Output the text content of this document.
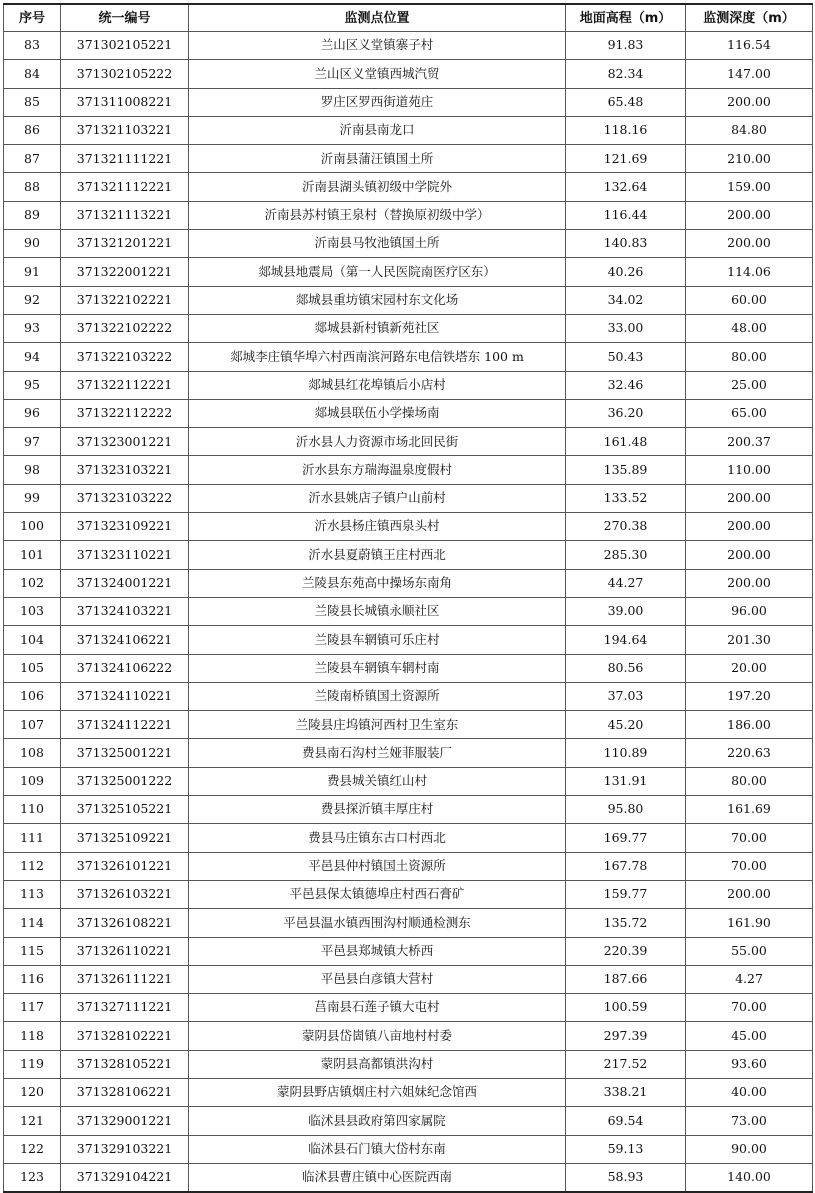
序号	统一编号	监测点位置	地面高程（m）	监测深度（m）
83	371302105221	兰山区义堂镇寨子村	91.83	116.54
84	371302105222	兰山区义堂镇西城汽贸	82.34	147.00
85	371311008221	罗庄区罗西街道苑庄	65.48	200.00
86	371321103221	沂南县南龙口	118.16	84.80
87	371321111221	沂南县蒲汪镇国土所	121.69	210.00
88	371321112221	沂南县湖头镇初级中学院外	132.64	159.00
89	371321113221	沂南县苏村镇王泉村（替换原初级中学）	116.44	200.00
90	371321201221	沂南县马牧池镇国土所	140.83	200.00
91	371322001221	郯城县地震局（第一人民医院南医疗区东）	40.26	114.06
92	371322102221	郯城县重坊镇宋园村东文化场	34.02	60.00
93	371322102222	郯城县新村镇新苑社区	33.00	48.00
94	371322103222	郯城李庄镇华埠六村西南滨河路东电信铁塔东 100 m	50.43	80.00
95	371322112221	郯城县红花埠镇后小店村	32.46	25.00
96	371322112222	郯城县联伍小学操场南	36.20	65.00
97	371323001221	沂水县人力资源市场北回民街	161.48	200.37
98	371323103221	沂水县东方瑞海温泉度假村	135.89	110.00
99	371323103222	沂水县姚店子镇户山前村	133.52	200.00
100	371323109221	沂水县杨庄镇西泉头村	270.38	200.00
101	371323110221	沂水县夏蔚镇王庄村西北	285.30	200.00
102	371324001221	兰陵县东苑高中操场东南角	44.27	200.00
103	371324103221	兰陵县长城镇永顺社区	39.00	96.00
104	371324106221	兰陵县车辋镇可乐庄村	194.64	201.30
105	371324106222	兰陵县车辋镇车辋村南	80.56	20.00
106	371324110221	兰陵南桥镇国土资源所	37.03	197.20
107	371324112221	兰陵县庄坞镇河西村卫生室东	45.20	186.00
108	371325001221	费县南石沟村兰娅菲服装厂	110.89	220.63
109	371325001222	费县城关镇红山村	131.91	80.00
110	371325105221	费县探沂镇丰厚庄村	95.80	161.69
111	371325109221	费县马庄镇东古口村西北	169.77	70.00
112	371326101221	平邑县仲村镇国土资源所	167.78	70.00
113	371326103221	平邑县保太镇德埠庄村西石膏矿	159.77	200.00
114	371326108221	平邑县温水镇西围沟村顺通检测东	135.72	161.90
115	371326110221	平邑县郑城镇大桥西	220.39	55.00
116	371326111221	平邑县白彦镇大营村	187.66	4.27
117	371327111221	莒南县石莲子镇大屯村	100.59	70.00
118	371328102221	蒙阴县岱崮镇八亩地村村委	297.39	45.00
119	371328105221	蒙阴县高都镇洪沟村	217.52	93.60
120	371328106221	蒙阴县野店镇烟庄村六姐妹纪念馆西	338.21	40.00
121	371329001221	临沭县县政府第四家属院	69.54	73.00
122	371329103221	临沭县石门镇大岱村东南	59.13	90.00
123	371329104221	临沭县曹庄镇中心医院西南	58.93	140.00
